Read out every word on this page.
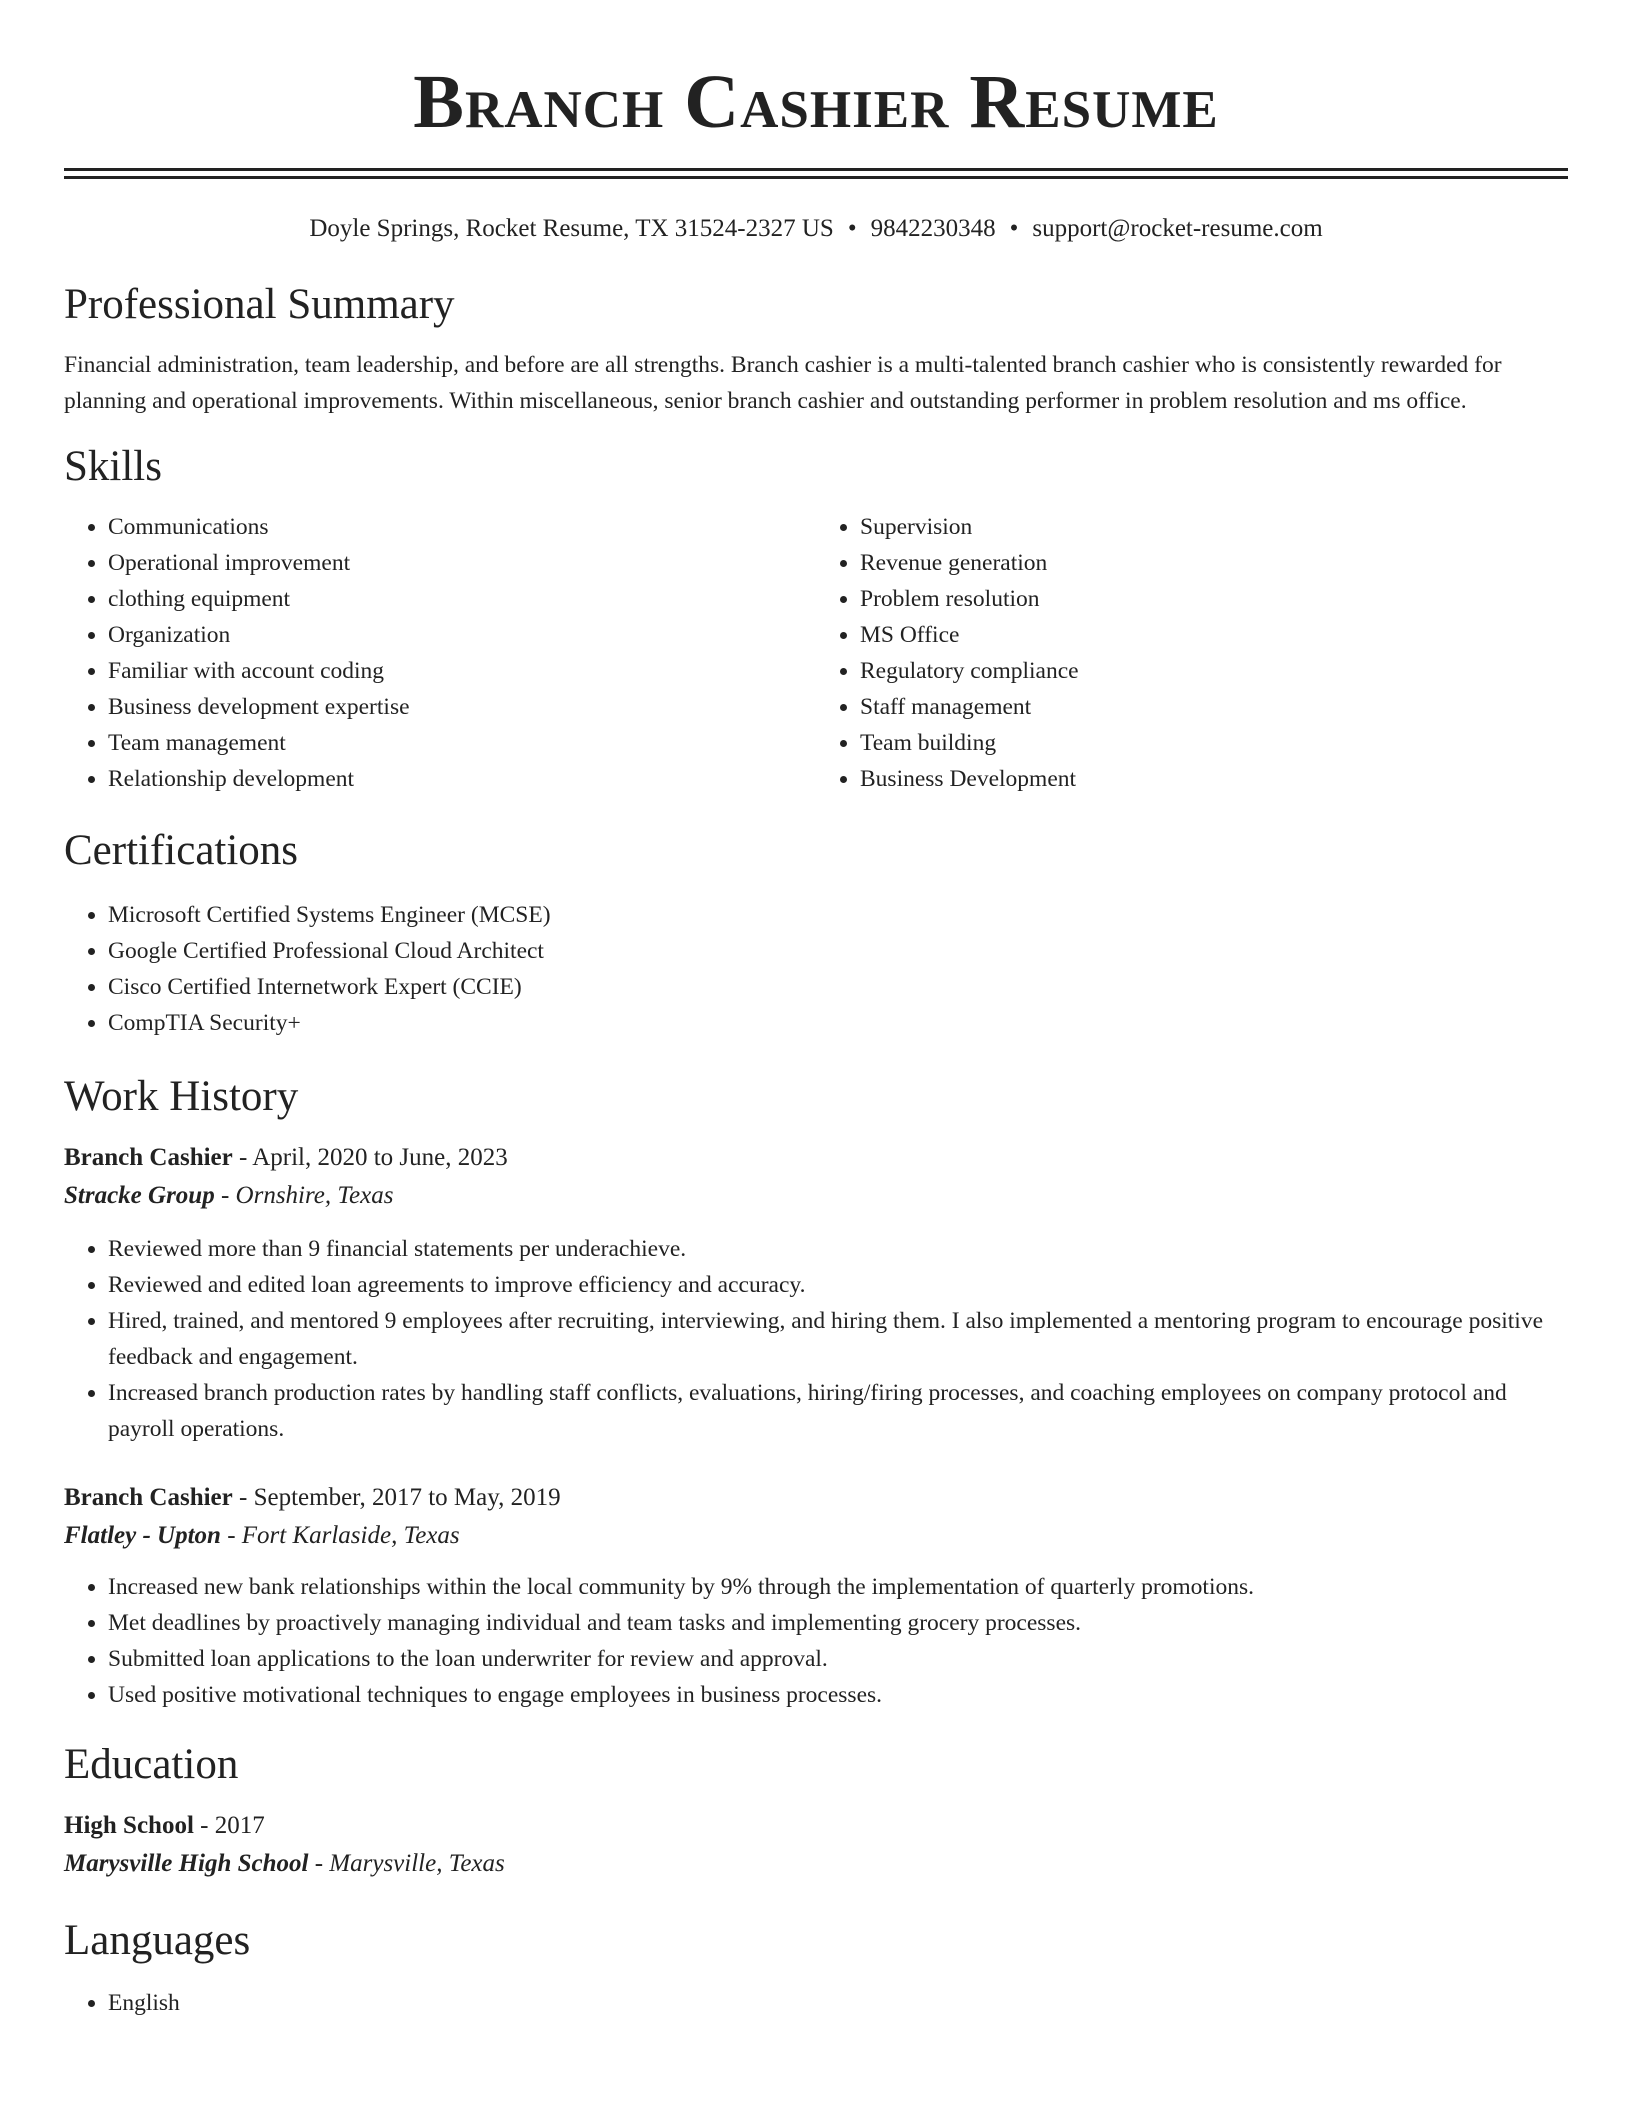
Branch Cashier Resume
Doyle Springs, Rocket Resume, TX 31524-2327 US • 9842230348 • support@rocket-resume.com
Professional Summary

Financial administration, team leadership, and before are all strengths. Branch cashier is a multi-talented branch cashier who is consistently rewarded for planning and operational improvements. Within miscellaneous, senior branch cashier and outstanding performer in problem resolution and ms office.

Skills
• Communications
• Operational improvement
• clothing equipment
• Organization
• Familiar with account coding
• Business development expertise
• Team management
• Relationship development
• Supervision
• Revenue generation
• Problem resolution
• MS Office
• Regulatory compliance
• Staff management
• Team building
• Business Development
Certifications
• Microsoft Certified Systems Engineer (MCSE)
• Google Certified Professional Cloud Architect
• Cisco Certified Internetwork Expert (CCIE)
• CompTIA Security+
Work History
Branch Cashier - April, 2020 to June, 2023
Stracke Group - Ornshire, Texas
• Reviewed more than 9 financial statements per underachieve.
• Reviewed and edited loan agreements to improve efficiency and accuracy.
• Hired, trained, and mentored 9 employees after recruiting, interviewing, and hiring them. I also implemented a mentoring program to encourage positive feedback and engagement.
• Increased branch production rates by handling staff conflicts, evaluations, hiring/firing processes, and coaching employees on company protocol and payroll operations.
Branch Cashier - September, 2017 to May, 2019
Flatley - Upton - Fort Karlaside, Texas
• Increased new bank relationships within the local community by 9% through the implementation of quarterly promotions.
• Met deadlines by proactively managing individual and team tasks and implementing grocery processes.
• Submitted loan applications to the loan underwriter for review and approval.
• Used positive motivational techniques to engage employees in business processes.
Education
High School - 2017
Marysville High School - Marysville, Texas
Languages
• English
